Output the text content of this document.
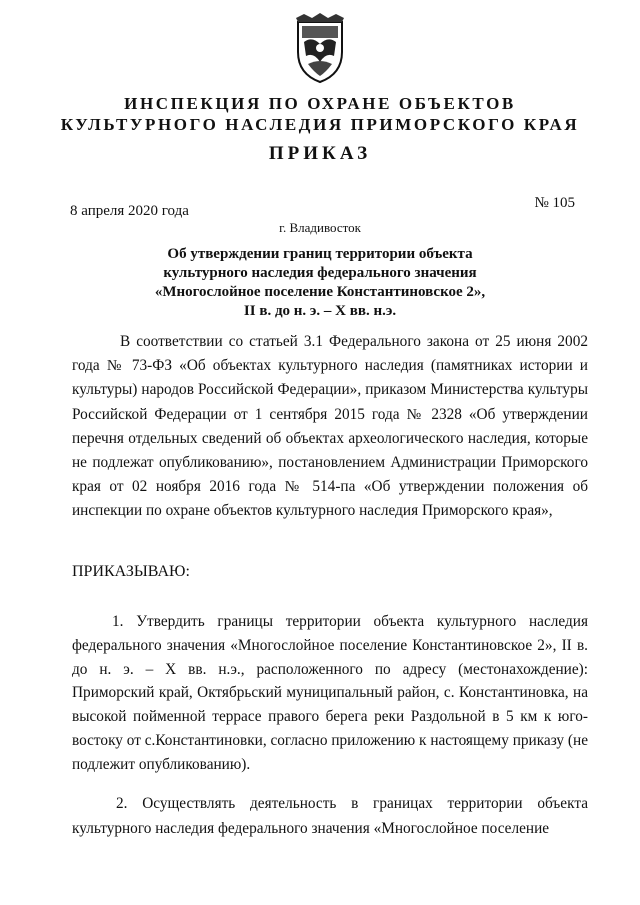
ИНСПЕКЦИЯ ПО ОХРАНЕ ОБЪЕКТОВ
КУЛЬТУРНОГО НАСЛЕДИЯ ПРИМОРСКОГО КРАЯ
ПРИКАЗ
8 апреля 2020 года	№ 105
г. Владивосток
Об утверждении границ территории объекта
культурного наследия федерального значения
«Многослойное поселение Константиновское 2»,
II в. до н. э. – X вв. н.э.
В соответствии со статьей 3.1 Федерального закона от 25 июня 2002 года № 73-ФЗ «Об объектах культурного наследия (памятниках истории и культуры) народов Российской Федерации», приказом Министерства культуры Российской Федерации от 1 сентября 2015 года № 2328 «Об утверждении перечня отдельных сведений об объектах археологического наследия, которые не подлежат опубликованию», постановлением Администрации Приморского края от 02 ноября 2016 года № 514-па «Об утверждении положения об инспекции по охране объектов культурного наследия Приморского края»,
ПРИКАЗЫВАЮ:
1. Утвердить границы территории объекта культурного наследия федерального значения «Многослойное поселение Константиновское 2», II в. до н. э. – X вв. н.э., расположенного по адресу (местонахождение): Приморский край, Октябрьский муниципальный район, с. Константиновка, на высокой пойменной террасе правого берега реки Раздольной в 5 км к юго-востоку от с.Константиновки, согласно приложению к настоящему приказу (не подлежит опубликованию).
2. Осуществлять деятельность в границах территории объекта культурного наследия федерального значения «Многослойное поселение
